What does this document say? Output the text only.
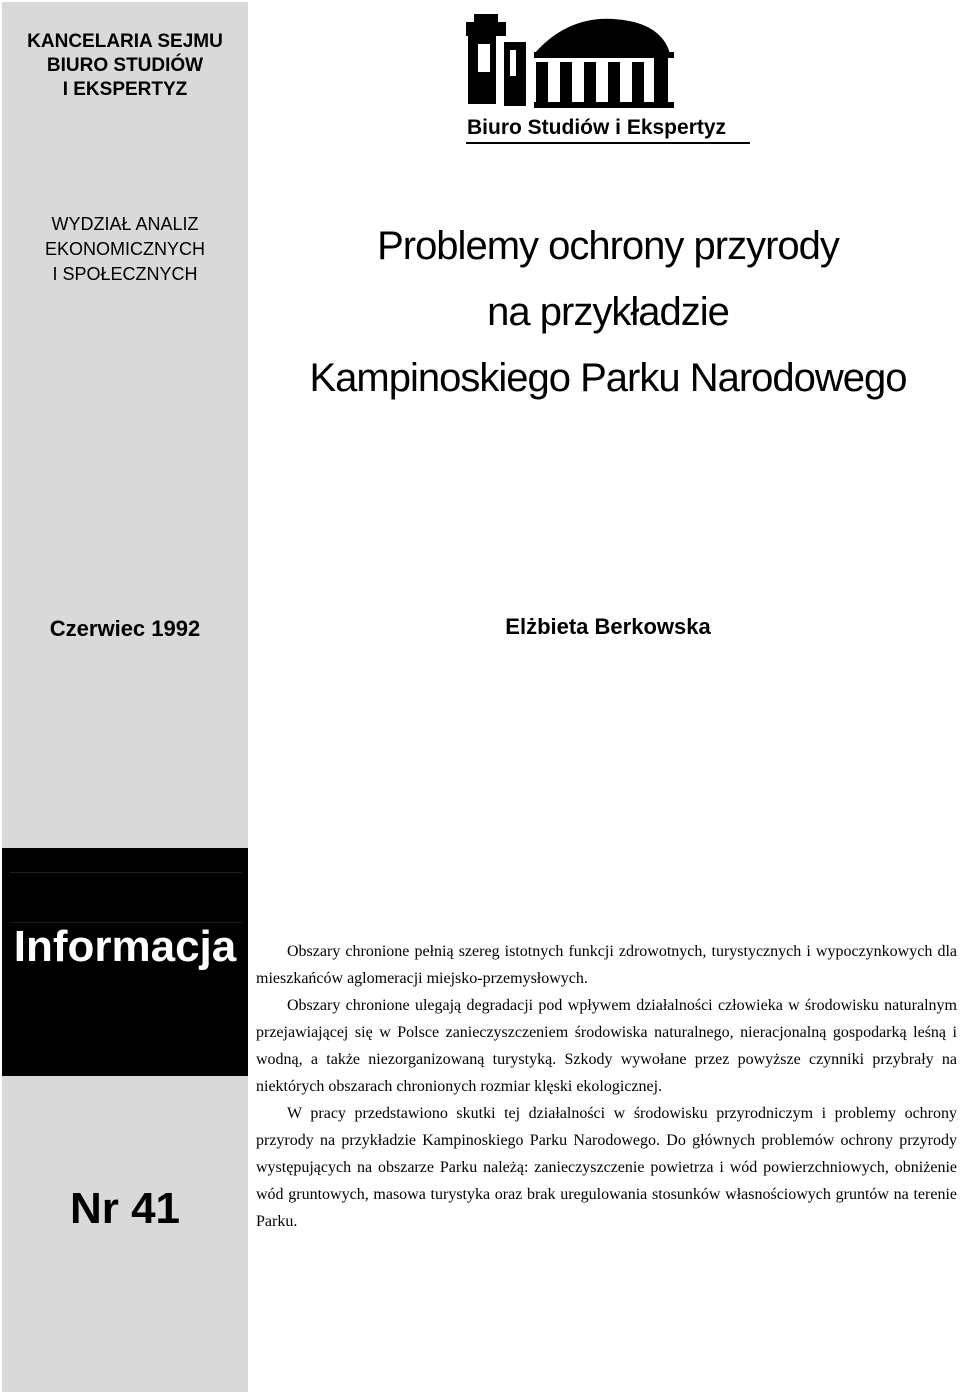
KANCELARIA SEJMU
BIURO STUDIÓW
I EKSPERTYZ
WYDZIAŁ ANALIZ
EKONOMICZNYCH
I SPOŁECZNYCH
Czerwiec 1992
Informacja
Nr 41
Biuro Studiów i Ekspertyz
Problemy ochrony przyrody
na przykładzie
Kampinoskiego Parku Narodowego
Elżbieta Berkowska

Obszary chronione pełnią szereg istotnych funkcji zdrowotnych, turystycznych i wypoczynkowych dla mieszkańców aglomeracji miejsko-przemysłowych.

Obszary chronione ulegają degradacji pod wpływem działalności człowieka w środowisku naturalnym przejawiającej się w Polsce zanieczyszczeniem środowiska naturalnego, nieracjonalną gospodarką leśną i wodną, a także niezorganizowaną turystyką. Szkody wywołane przez powyższe czynniki przybrały na niektórych obszarach chronionych rozmiar klęski ekologicznej.

W pracy przedstawiono skutki tej działalności w środowisku przyrodniczym i problemy ochrony przyrody na przykładzie Kampinoskiego Parku Narodowego. Do głównych problemów ochrony przyrody występujących na obszarze Parku należą: zanieczyszczenie powietrza i wód powierzchniowych, obniżenie wód gruntowych, masowa turystyka oraz brak uregulowania stosunków własnościowych gruntów na terenie Parku.
